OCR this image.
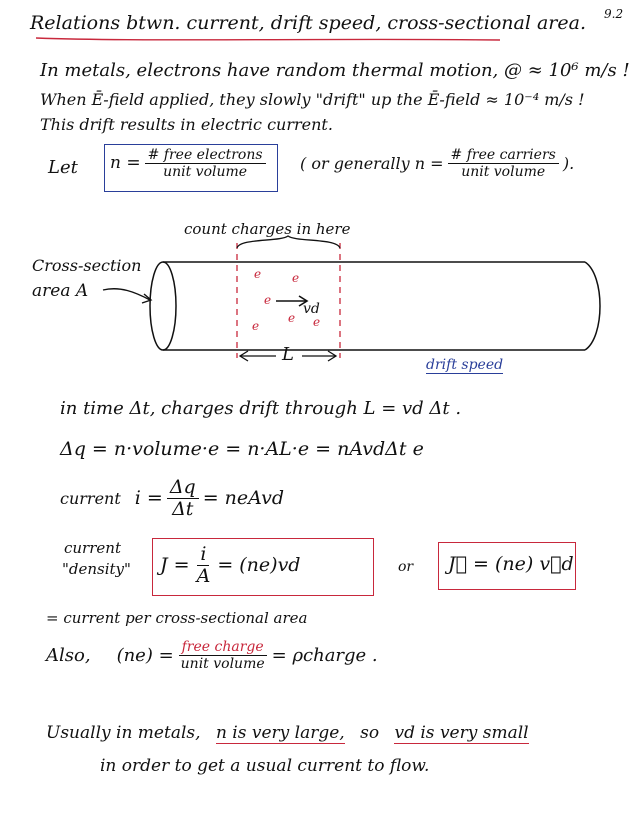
9.2
Relations btwn. current, drift speed, cross-sectional area.
In metals, electrons have random thermal motion, @ ≈ 10⁶ m/s !
When Ē-field applied, they slowly "drift" up the Ē-field ≈ 10⁻⁴ m/s !
This drift results in electric current.
Let $n = \frac{\text{\# free electrons}}{\text{unit volume}}$ ( or generally $n = \frac{\text{\# free carriers}}{\text{unit volume}}$ ).
count charges in here
Cross-section
area A
e	e
e
e
e	e
vd
L	drift speed
in time Δt, charges drift through L = vd Δt .
Δq = n·volume·e = n·AL·e = nAvdΔt e
current $i = \frac{\Delta q}{\Delta t}$ = neAvd
current
"density" $J = \frac{i}{A} = (ne)vd$	or J⃗ = (ne) v⃗d
= current per cross-sectional area
Also, $(ne) = \frac{\text{free charge}}{\text{unit volume}}$ = ρcharge .
Usually in metals, n is very large, so vd is very small
in order to get a usual current to flow.
